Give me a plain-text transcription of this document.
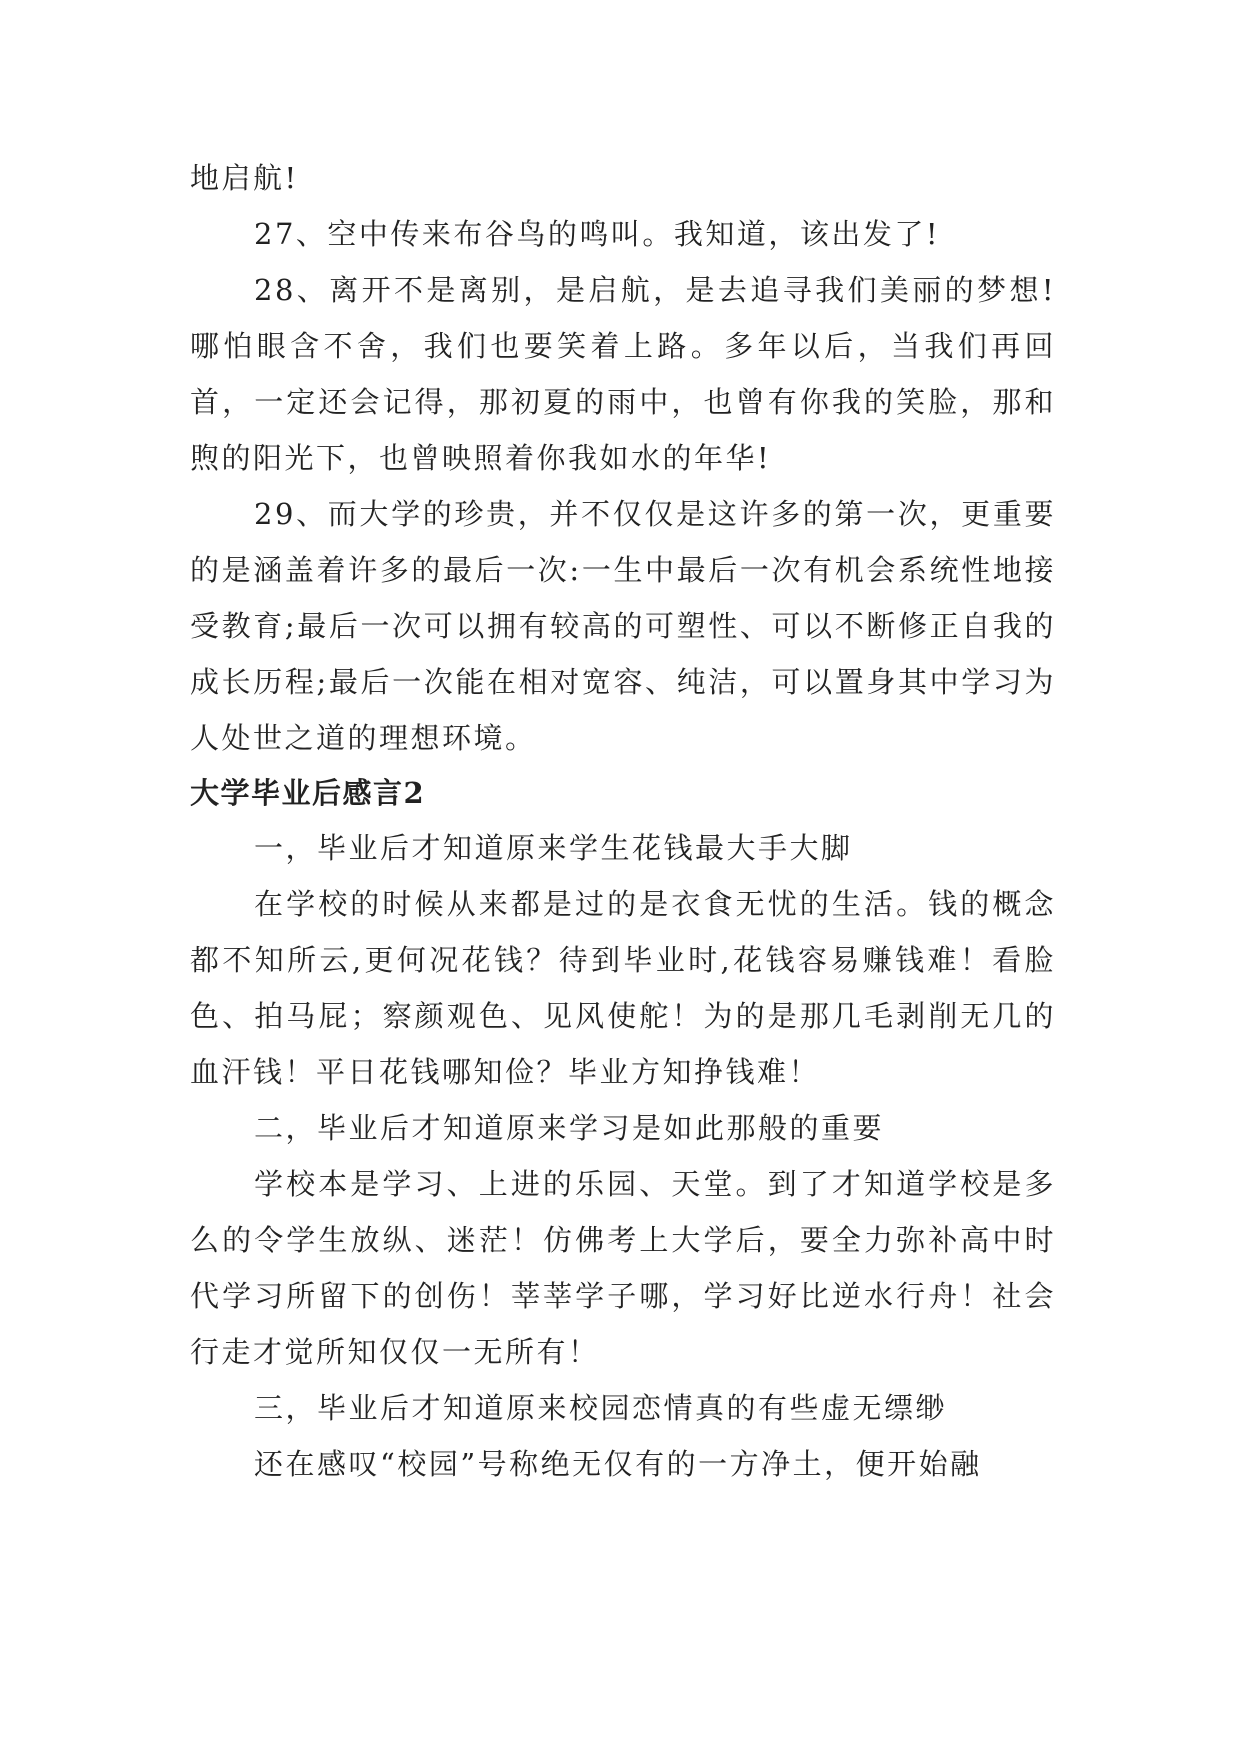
地启航!

27、空中传来布谷鸟的鸣叫。我知道，该出发了!

28、离开不是离别，是启航，是去追寻我们美丽的梦想!哪怕眼含不舍，我们也要笑着上路。多年以后，当我们再回首，一定还会记得，那初夏的雨中，也曾有你我的笑脸，那和煦的阳光下，也曾映照着你我如水的年华!

29、而大学的珍贵，并不仅仅是这许多的第一次，更重要的是涵盖着许多的最后一次:一生中最后一次有机会系统性地接受教育;最后一次可以拥有较高的可塑性、可以不断修正自我的成长历程;最后一次能在相对宽容、纯洁，可以置身其中学习为人处世之道的理想环境。

大学毕业后感言2

一，毕业后才知道原来学生花钱最大手大脚

在学校的时候从来都是过的是衣食无忧的生活。钱的概念都不知所云,更何况花钱？待到毕业时,花钱容易赚钱难！看脸色、拍马屁；察颜观色、见风使舵！为的是那几毛剥削无几的血汗钱！平日花钱哪知俭？毕业方知挣钱难！

二，毕业后才知道原来学习是如此那般的重要

学校本是学习、上进的乐园、天堂。到了才知道学校是多么的令学生放纵、迷茫！仿佛考上大学后，要全力弥补高中时代学习所留下的创伤！莘莘学子哪，学习好比逆水行舟！社会行走才觉所知仅仅一无所有！

三，毕业后才知道原来校园恋情真的有些虚无缥缈

还在感叹“校园”号称绝无仅有的一方净土，便开始融
